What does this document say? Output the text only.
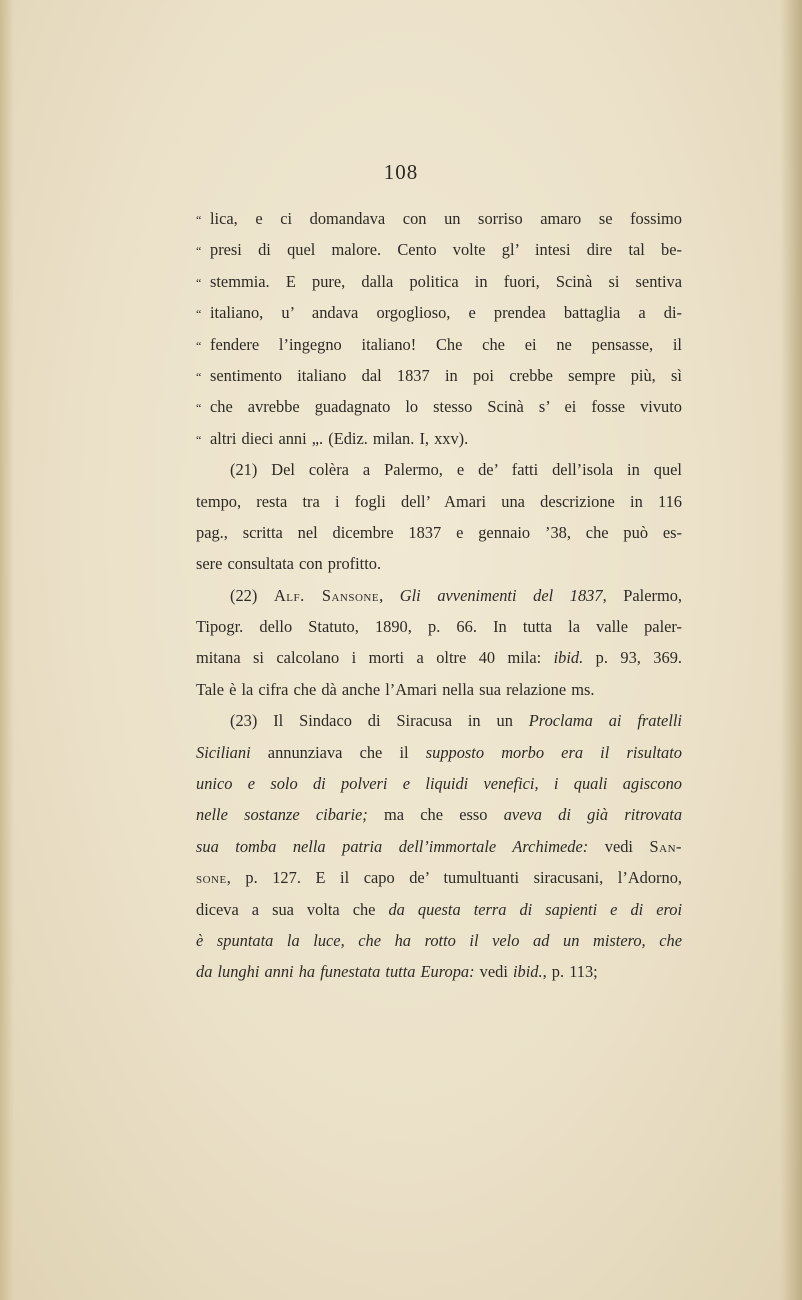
108
“ lica, e ci domandava con un sorriso amaro se fossimo
“ presi di quel malore. Cento volte gl’ intesi dire tal be-
“ stemmia. E pure, dalla politica in fuori, Scinà si sentiva
“ italiano, u’ andava orgoglioso, e prendea battaglia a di-
“ fendere l’ingegno italiano! Che che ei ne pensasse, il
“ sentimento italiano dal 1837 in poi crebbe sempre più, sì
“ che avrebbe guadagnato lo stesso Scinà s’ ei fosse vivuto
“ altri dieci anni „. (Ediz. milan. I, xxv).
(21) Del colèra a Palermo, e de’ fatti dell’isola in quel
tempo, resta tra i fogli dell’ Amari una descrizione in 116
pag., scritta nel dicembre 1837 e gennaio ’38, che può es-
sere consultata con profitto.
(22) Alf. Sansone, Gli avvenimenti del 1837, Palermo,
Tipogr. dello Statuto, 1890, p. 66. In tutta la valle paler-
mitana si calcolano i morti a oltre 40 mila: ibid. p. 93, 369.
Tale è la cifra che dà anche l’Amari nella sua relazione ms.
(23) Il Sindaco di Siracusa in un Proclama ai fratelli
Siciliani annunziava che il supposto morbo era il risultato
unico e solo di polveri e liquidi venefici, i quali agiscono
nelle sostanze cibarie; ma che esso aveva di già ritrovata
sua tomba nella patria dell’immortale Archimede: vedi San-
sone, p. 127. E il capo de’ tumultuanti siracusani, l’Adorno,
diceva a sua volta che da questa terra di sapienti e di eroi
è spuntata la luce, che ha rotto il velo ad un mistero, che
da lunghi anni ha funestata tutta Europa: vedi ibid., p. 113;
